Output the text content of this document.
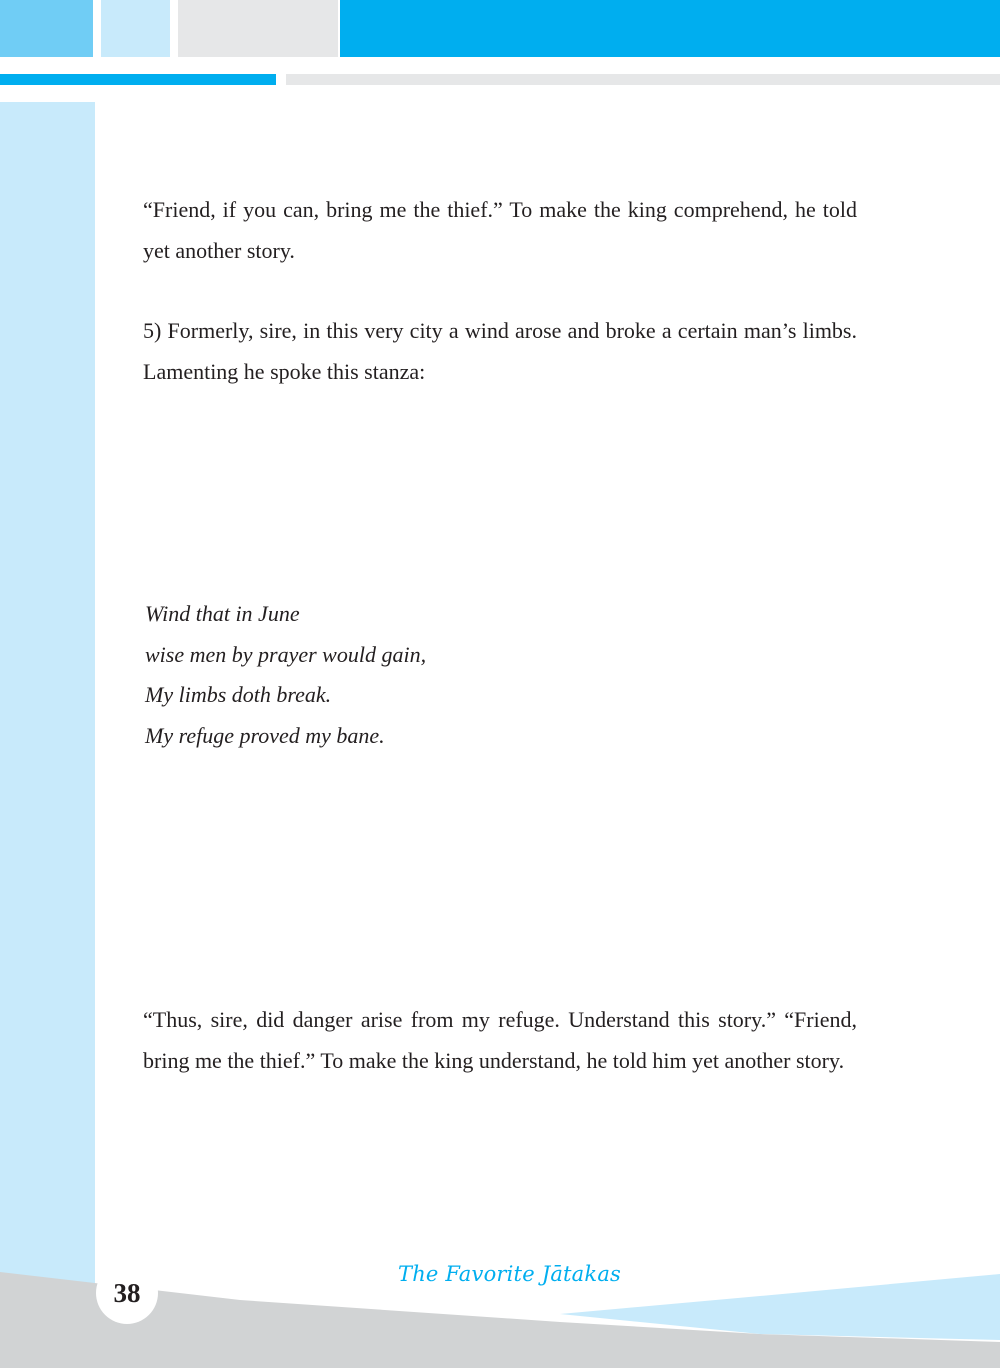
“Friend, if you can, bring me the thief.” To make the king comprehend, he told yet another story.

5) Formerly, sire, in this very city a wind arose and broke a certain man’s limbs. Lamenting he spoke this stanza:

Wind that in June
wise men by prayer would gain,
My limbs doth break.
My refuge proved my bane.

“Thus, sire, did danger arise from my refuge. Understand this story.” “Friend, bring me the thief.” To make the king understand, he told him yet another story.

38
The Favorite Jātakas
